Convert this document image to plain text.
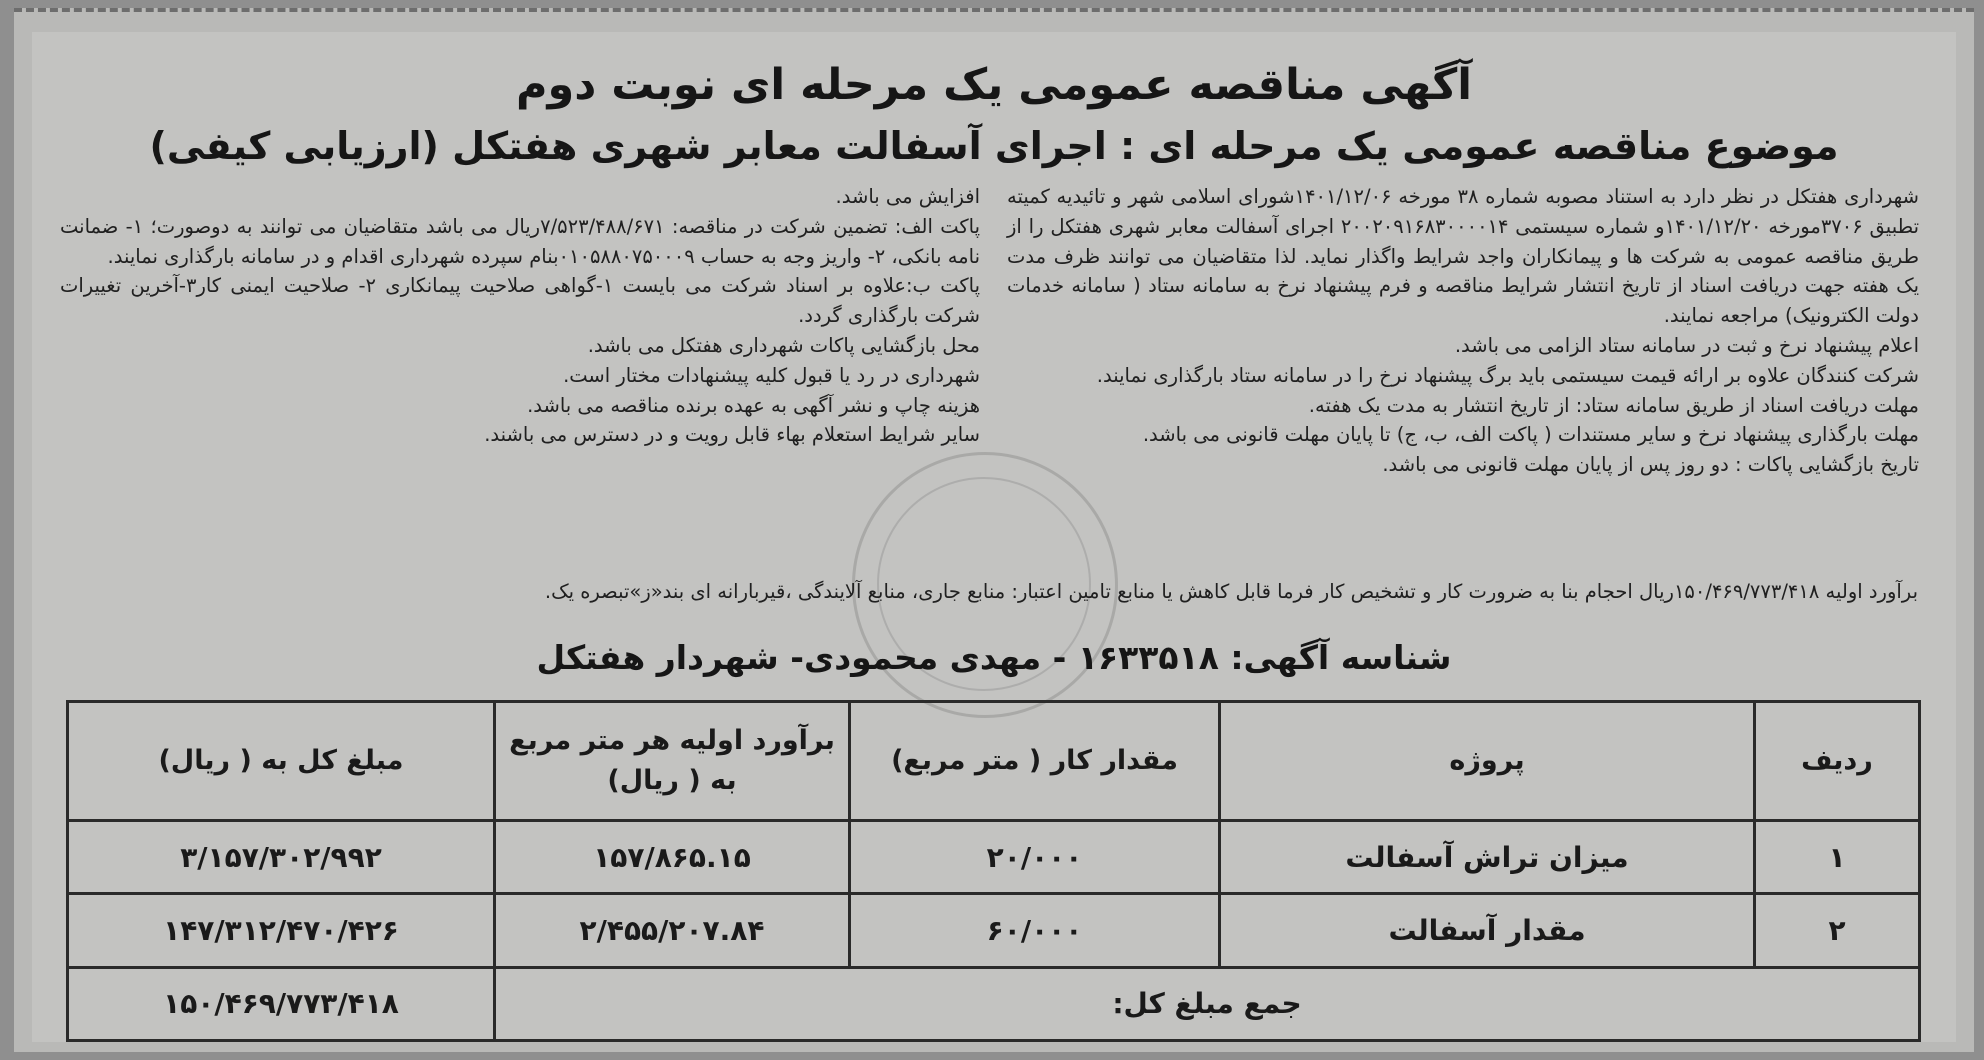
آگهی مناقصه عمومی یک مرحله ای نوبت دوم
موضوع مناقصه عمومی یک مرحله ای : اجرای آسفالت معابر شهری هفتکل (ارزیابی کیفی)

شهرداری هفتکل در نظر دارد به استناد مصوبه شماره ۳۸ مورخه ۱۴۰۱/۱۲/۰۶شورای اسلامی شهر و تائیدیه کمیته تطبیق ۳۷۰۶مورخه ۱۴۰۱/۱۲/۲۰و شماره سیستمی ۲۰۰۲۰۹۱۶۸۳۰۰۰۰۱۴ اجرای آسفالت معابر شهری هفتکل را از طریق مناقصه عمومی به شرکت ها و پیمانکاران واجد شرایط واگذار نماید. لذا متقاضیان می توانند ظرف مدت یک هفته جهت دریافت اسناد از تاریخ انتشار شرایط مناقصه و فرم پیشنهاد نرخ به سامانه ستاد ( سامانه خدمات دولت الکترونیک) مراجعه نمایند.

اعلام پیشنهاد نرخ و ثبت در سامانه ستاد الزامی می باشد.

شرکت کنندگان علاوه بر ارائه قیمت سیستمی باید برگ پیشنهاد نرخ را در سامانه ستاد بارگذاری نمایند.

مهلت دریافت اسناد از طریق سامانه ستاد: از تاریخ انتشار به مدت یک هفته.

مهلت بارگذاری پیشنهاد نرخ و سایر مستندات ( پاکت الف، ب، ج) تا پایان مهلت قانونی می باشد.

تاریخ بازگشایی پاکات : دو روز پس از پایان مهلت قانونی می باشد.

افزایش می باشد.

پاکت الف: تضمین شرکت در مناقصه: ۷/۵۲۳/۴۸۸/۶۷۱ریال می باشد متقاضیان می توانند به دوصورت؛ ۱- ضمانت نامه بانکی، ۲- واریز وجه به حساب ۰۱۰۵۸۸۰۷۵۰۰۰۹بنام سپرده شهرداری اقدام و در سامانه بارگذاری نمایند.

پاکت ب:علاوه بر اسناد شرکت می بایست ۱-گواهی صلاحیت پیمانکاری ۲- صلاحیت ایمنی کار۳-آخرین تغییرات شرکت بارگذاری گردد.

محل بازگشایی پاکات شهرداری هفتکل می باشد.

شهرداری در رد یا قبول کلیه پیشنهادات مختار است.

هزینه چاپ و نشر آگهی به عهده برنده مناقصه می باشد.

سایر شرایط استعلام بهاء قابل رویت و در دسترس می باشند.

برآورد اولیه ۱۵۰/۴۶۹/۷۷۳/۴۱۸ریال احجام بنا به ضرورت کار و تشخیص کار فرما قابل کاهش یا منابع تامین اعتبار: منابع جاری، منابع آلایندگی ،قیربارانه ای بند«ز»تبصره یک.
شناسه آگهی: ۱۶۳۳۵۱۸ - مهدی محمودی- شهردار هفتکل
ردیف	پروژه	مقدار کار ( متر مربع)	برآورد اولیه هر متر مربع به ( ریال)	مبلغ کل به ( ریال)
۱	میزان تراش آسفالت	۲۰/۰۰۰	۱۵۷/۸۶۵.۱۵	۳/۱۵۷/۳۰۲/۹۹۲
۲	مقدار آسفالت	۶۰/۰۰۰	۲/۴۵۵/۲۰۷.۸۴	۱۴۷/۳۱۲/۴۷۰/۴۲۶
جمع مبلغ کل:				۱۵۰/۴۶۹/۷۷۳/۴۱۸
